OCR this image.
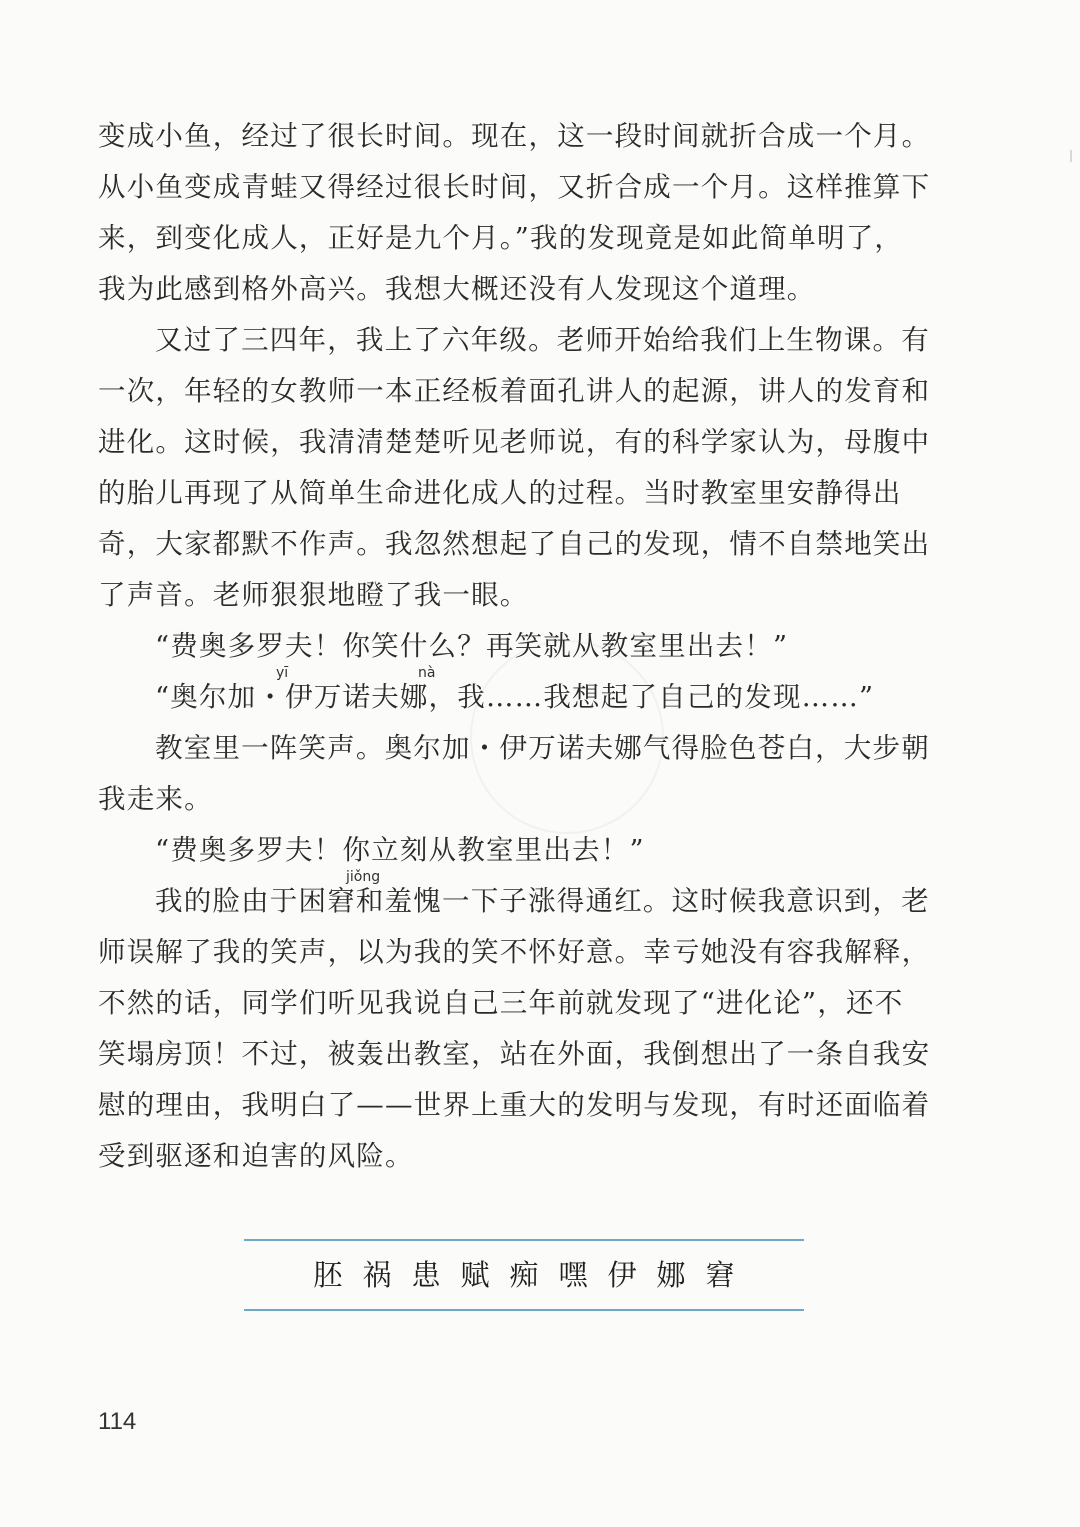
变成小鱼，经过了很长时间。现在，这一段时间就折合成一个月。
从小鱼变成青蛙又得经过很长时间，又折合成一个月。这样推算下
来，到变化成人，正好是九个月。”我的发现竟是如此简单明了，
我为此感到格外高兴。我想大概还没有人发现这个道理。
又过了三四年，我上了六年级。老师开始给我们上生物课。有
一次，年轻的女教师一本正经板着面孔讲人的起源，讲人的发育和
进化。这时候，我清清楚楚听见老师说，有的科学家认为，母腹中
的胎儿再现了从简单生命进化成人的过程。当时教室里安静得出
奇，大家都默不作声。我忽然想起了自己的发现，情不自禁地笑出
了声音。老师狠狠地瞪了我一眼。
“费奥多罗夫！你笑什么？再笑就从教室里出去！”
yī	nà
“奥尔加・伊万诺夫娜，我……我想起了自己的发现……”
教室里一阵笑声。奥尔加・伊万诺夫娜气得脸色苍白，大步朝
我走来。
“费奥多罗夫！你立刻从教室里出去！”
jiǒng
我的脸由于困窘和羞愧一下子涨得通红。这时候我意识到，老
师误解了我的笑声，以为我的笑不怀好意。幸亏她没有容我解释，
不然的话，同学们听见我说自己三年前就发现了“进化论”，还不
笑塌房顶！不过，被轰出教室，站在外面，我倒想出了一条自我安
慰的理由，我明白了——世界上重大的发明与发现，有时还面临着
受到驱逐和迫害的风险。
胚 祸 患 赋 痴 嘿 伊 娜 窘
114
